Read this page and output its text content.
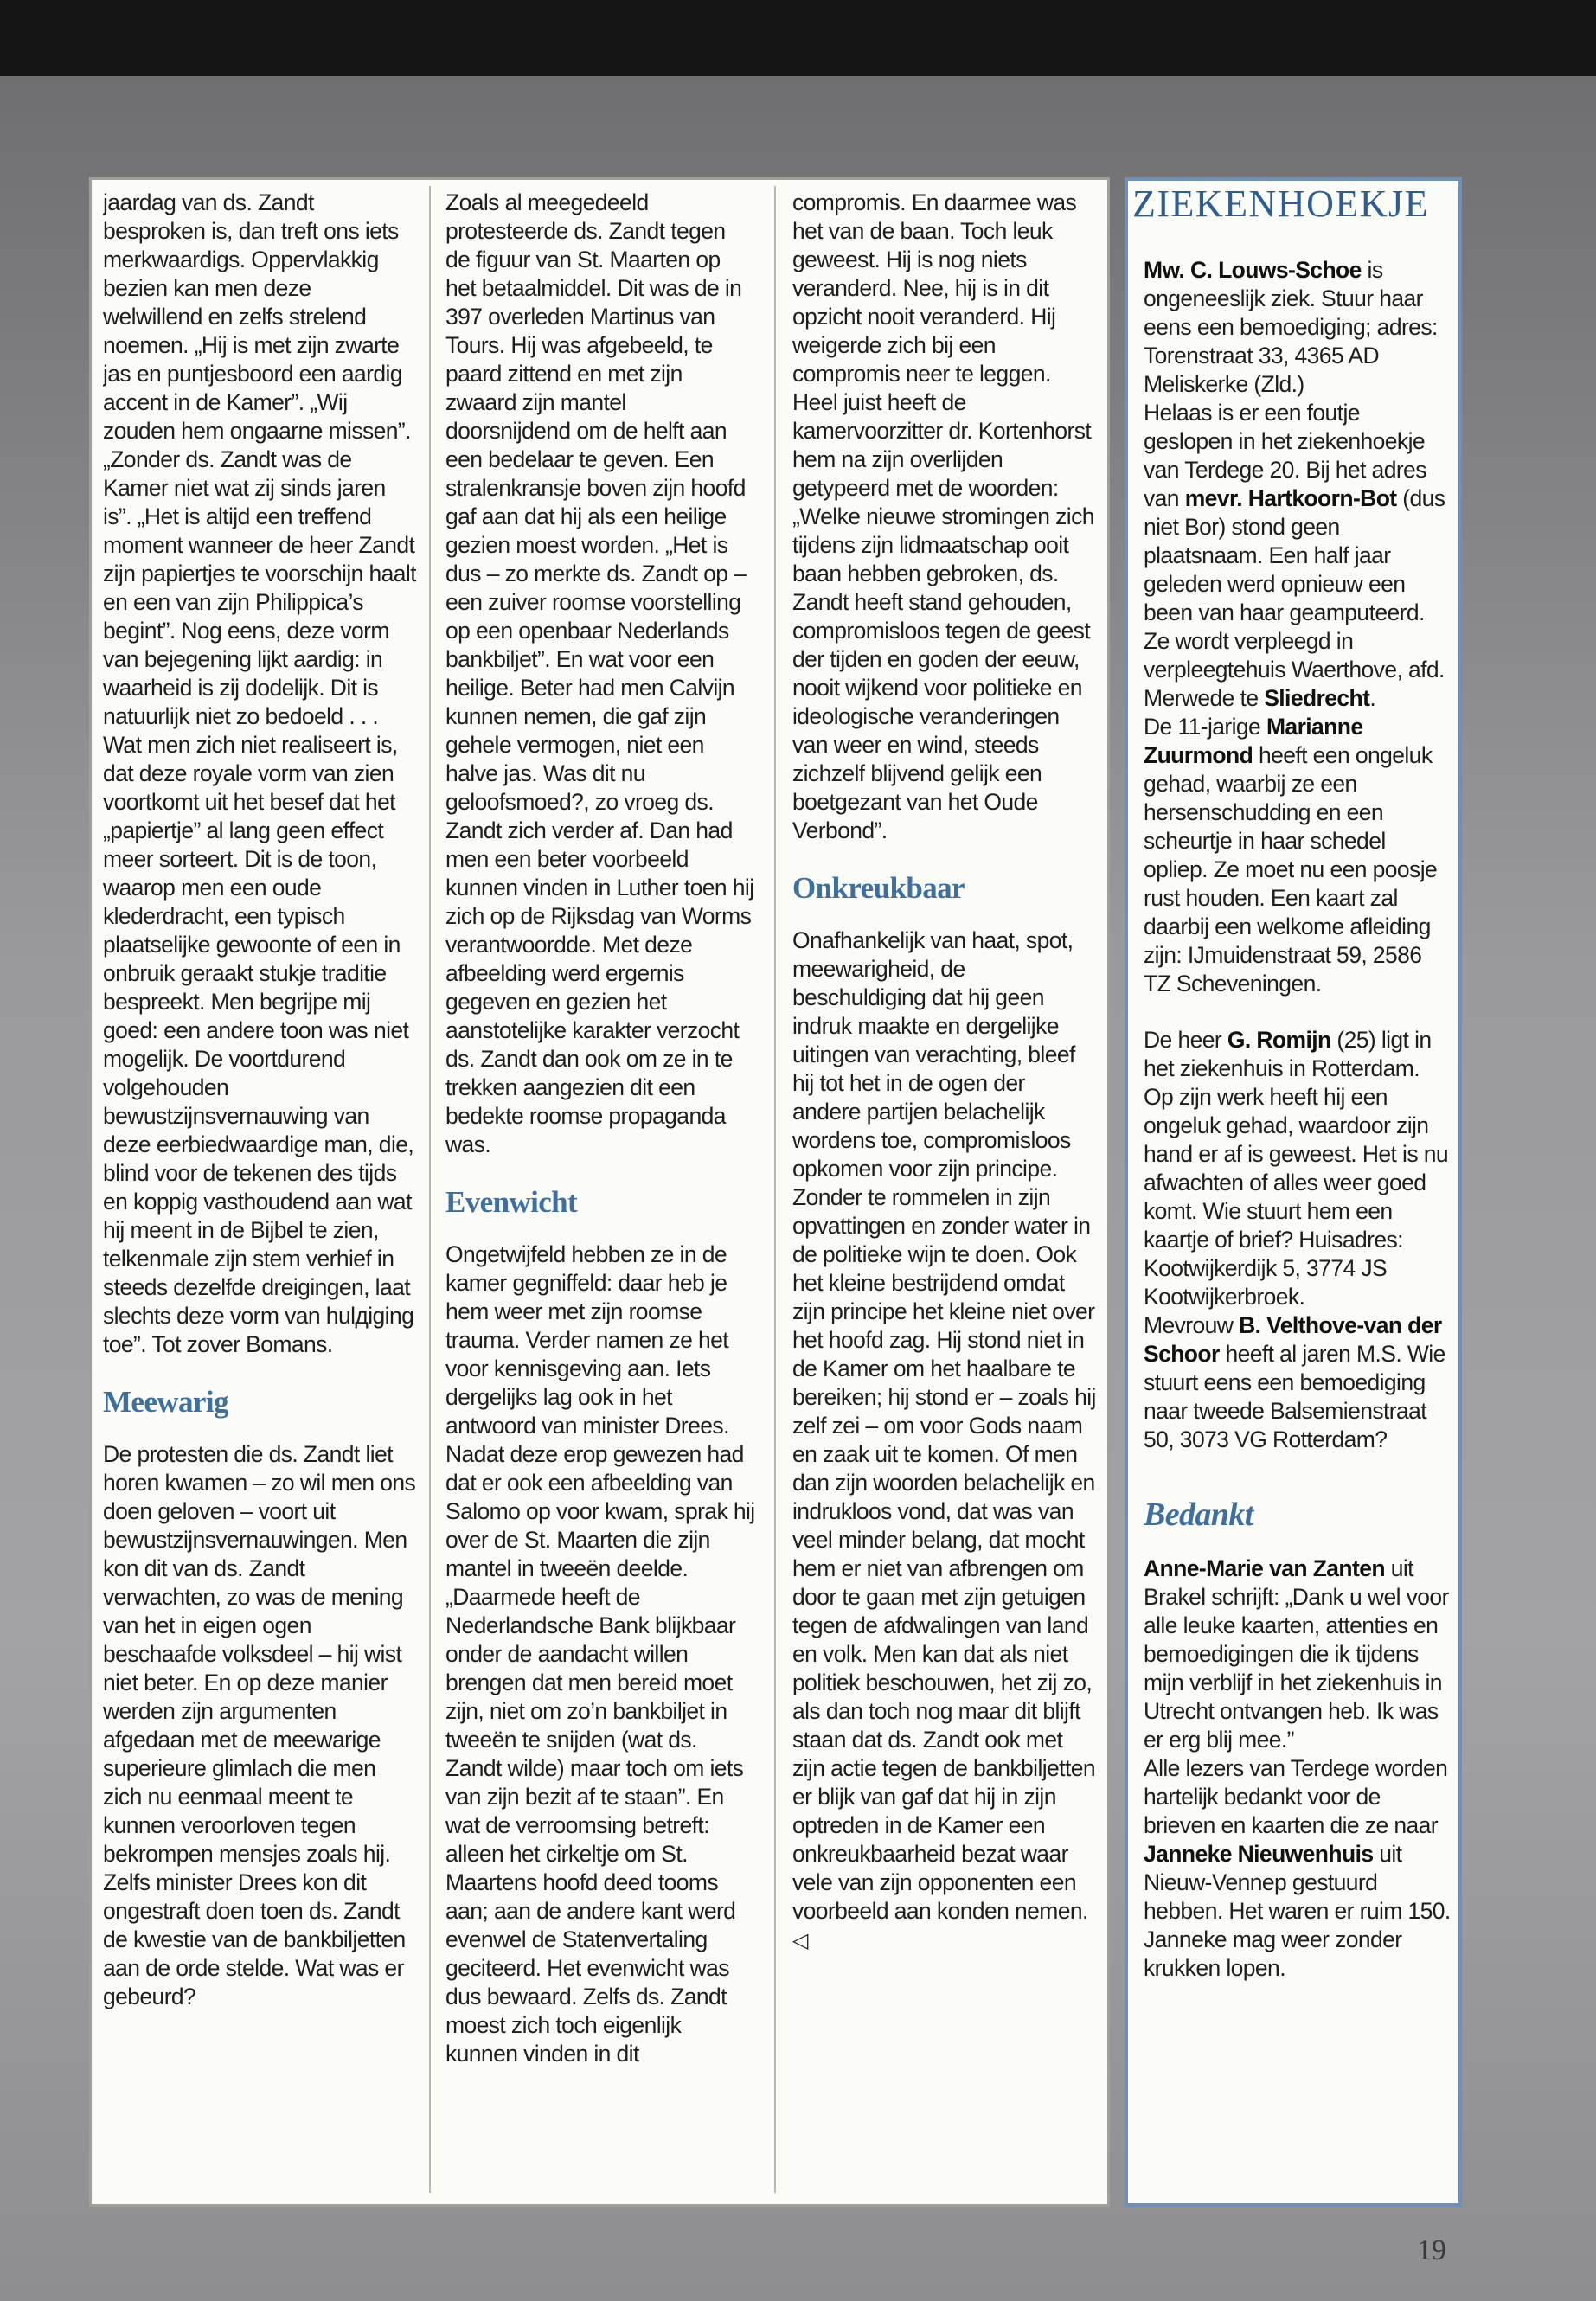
jaardag van ds. Zandt besproken is, dan treft ons iets merkwaardigs. Oppervlakkig bezien kan men deze welwillend en zelfs strelend noemen. „Hij is met zijn zwarte jas en puntjesboord een aardig accent in de Kamer”. „Wij zouden hem ongaarne missen”. „Zonder ds. Zandt was de Kamer niet wat zij sinds jaren is”. „Het is altijd een treffend moment wanneer de heer Zandt zijn papiertjes te voorschijn haalt en een van zijn Philippica’s begint”. Nog eens, deze vorm van bejegening lijkt aardig: in waarheid is zij dodelijk. Dit is natuurlijk niet zo bedoeld . . . Wat men zich niet realiseert is, dat deze royale vorm van zien voortkomt uit het besef dat het „papiertje” al lang geen effect meer sorteert. Dit is de toon, waarop men een oude klederdracht, een typisch plaatselijke gewoonte of een in onbruik geraakt stukje traditie bespreekt. Men begrijpe mij goed: een andere toon was niet mogelijk. De voortdurend volgehouden bewustzijnsvernauwing van deze eerbiedwaardige man, die, blind voor de tekenen des tijds en koppig vasthoudend aan wat hij meent in de Bijbel te zien, telkenmale zijn stem verhief in steeds dezelfde dreigingen, laat slechts deze vorm van hulдiging toe”. Tot zover Bomans.

Meewarig

De protesten die ds. Zandt liet horen kwamen – zo wil men ons doen geloven – voort uit bewustzijnsvernauwingen. Men kon dit van ds. Zandt verwachten, zo was de mening van het in eigen ogen beschaafde volksdeel – hij wist niet beter. En op deze manier werden zijn argumenten afgedaan met de meewarige superieure glimlach die men zich nu eenmaal meent te kunnen veroorloven tegen bekrompen mensjes zoals hij. Zelfs minister Drees kon dit ongestraft doen toen ds. Zandt de kwestie van de bankbiljetten aan de orde stelde. Wat was er gebeurd?

Zoals al meegedeeld protesteerde ds. Zandt tegen de figuur van St. Maarten op het betaalmiddel. Dit was de in 397 overleden Martinus van Tours. Hij was afgebeeld, te paard zittend en met zijn zwaard zijn mantel doorsnijdend om de helft aan een bedelaar te geven. Een stralenkransje boven zijn hoofd gaf aan dat hij als een heilige gezien moest worden. „Het is dus – zo merkte ds. Zandt op – een zuiver roomse voorstelling op een openbaar Nederlands bankbiljet”. En wat voor een heilige. Beter had men Calvijn kunnen nemen, die gaf zijn gehele vermogen, niet een halve jas. Was dit nu geloofsmoed?, zo vroeg ds. Zandt zich verder af. Dan had men een beter voorbeeld kunnen vinden in Luther toen hij zich op de Rijksdag van Worms verantwoordde. Met deze afbeelding werd ergernis gegeven en gezien het aanstotelijke karakter verzocht ds. Zandt dan ook om ze in te trekken aangezien dit een bedekte roomse propaganda was.

Evenwicht

Ongetwijfeld hebben ze in de kamer gegniffeld: daar heb je hem weer met zijn roomse trauma. Verder namen ze het voor kennisgeving aan. Iets dergelijks lag ook in het antwoord van minister Drees. Nadat deze erop gewezen had dat er ook een afbeelding van Salomo op voor kwam, sprak hij over de St. Maarten die zijn mantel in tweeën deelde. „Daarmede heeft de Nederlandsche Bank blijkbaar onder de aandacht willen brengen dat men bereid moet zijn, niet om zo’n bankbiljet in tweeën te snijden (wat ds. Zandt wilde) maar toch om iets van zijn bezit af te staan”. En wat de verroomsing betreft: alleen het cirkeltje om St. Maartens hoofd deed tooms aan; aan de andere kant werd evenwel de Statenvertaling geciteerd. Het evenwicht was dus bewaard. Zelfs ds. Zandt moest zich toch eigenlijk kunnen vinden in dit

compromis. En daarmee was het van de baan. Toch leuk geweest. Hij is nog niets veranderd. Nee, hij is in dit opzicht nooit veranderd. Hij weigerde zich bij een compromis neer te leggen. Heel juist heeft de kamervoorzitter dr. Kortenhorst hem na zijn overlijden getypeerd met de woorden: „Welke nieuwe stromingen zich tijdens zijn lidmaatschap ooit baan hebben gebroken, ds. Zandt heeft stand gehouden, compromisloos tegen de geest der tijden en goden der eeuw, nooit wijkend voor politieke en ideologische veranderingen van weer en wind, steeds zichzelf blijvend gelijk een boetgezant van het Oude Verbond”.

Onkreukbaar

Onafhankelijk van haat, spot, meewarigheid, de beschuldiging dat hij geen indruk maakte en dergelijke uitingen van verachting, bleef hij tot het in de ogen der andere partijen belachelijk wordens toe, compromisloos opkomen voor zijn principe. Zonder te rommelen in zijn opvattingen en zonder water in de politieke wijn te doen. Ook het kleine bestrijdend omdat zijn principe het kleine niet over het hoofd zag. Hij stond niet in de Kamer om het haalbare te bereiken; hij stond er – zoals hij zelf zei – om voor Gods naam en zaak uit te komen. Of men dan zijn woorden belachelijk en indrukloos vond, dat was van veel minder belang, dat mocht hem er niet van afbrengen om door te gaan met zijn getuigen tegen de afdwalingen van land en volk. Men kan dat als niet politiek beschouwen, het zij zo, als dan toch nog maar dit blijft staan dat ds. Zandt ook met zijn actie tegen de bankbiljetten er blijk van gaf dat hij in zijn optreden in de Kamer een onkreukbaarheid bezat waar vele van zijn opponenten een voorbeeld aan konden nemen. ◁

ZIEKENHOEKJE

Mw. C. Louws-Schoe is ongeneeslijk ziek. Stuur haar eens een bemoediging; adres: Torenstraat 33, 4365 AD Meliskerke (Zld.)

Helaas is er een foutje geslopen in het ziekenhoekje van Terdege 20. Bij het adres van mevr. Hartkoorn-Bot (dus niet Bor) stond geen plaatsnaam. Een half jaar geleden werd opnieuw een been van haar geamputeerd. Ze wordt verpleegd in verpleegtehuis Waerthove, afd. Merwede te Sliedrecht.

De 11-jarige Marianne Zuurmond heeft een ongeluk gehad, waarbij ze een hersenschudding en een scheurtje in haar schedel opliep. Ze moet nu een poosje rust houden. Een kaart zal daarbij een welkome afleiding zijn: IJmuidenstraat 59, 2586 TZ Scheveningen.

De heer G. Romijn (25) ligt in het ziekenhuis in Rotterdam. Op zijn werk heeft hij een ongeluk gehad, waardoor zijn hand er af is geweest. Het is nu afwachten of alles weer goed komt. Wie stuurt hem een kaartje of brief? Huisadres: Kootwijkerdijk 5, 3774 JS Kootwijkerbroek.

Mevrouw B. Velthove-van der Schoor heeft al jaren M.S. Wie stuurt eens een bemoediging naar tweede Balsemienstraat 50, 3073 VG Rotterdam?

Bedankt

Anne-Marie van Zanten uit Brakel schrijft: „Dank u wel voor alle leuke kaarten, attenties en bemoedigingen die ik tijdens mijn verblijf in het ziekenhuis in Utrecht ontvangen heb. Ik was er erg blij mee.”

Alle lezers van Terdege worden hartelijk bedankt voor de brieven en kaarten die ze naar Janneke Nieuwenhuis uit Nieuw-Vennep gestuurd hebben. Het waren er ruim 150. Janneke mag weer zonder krukken lopen.

19
